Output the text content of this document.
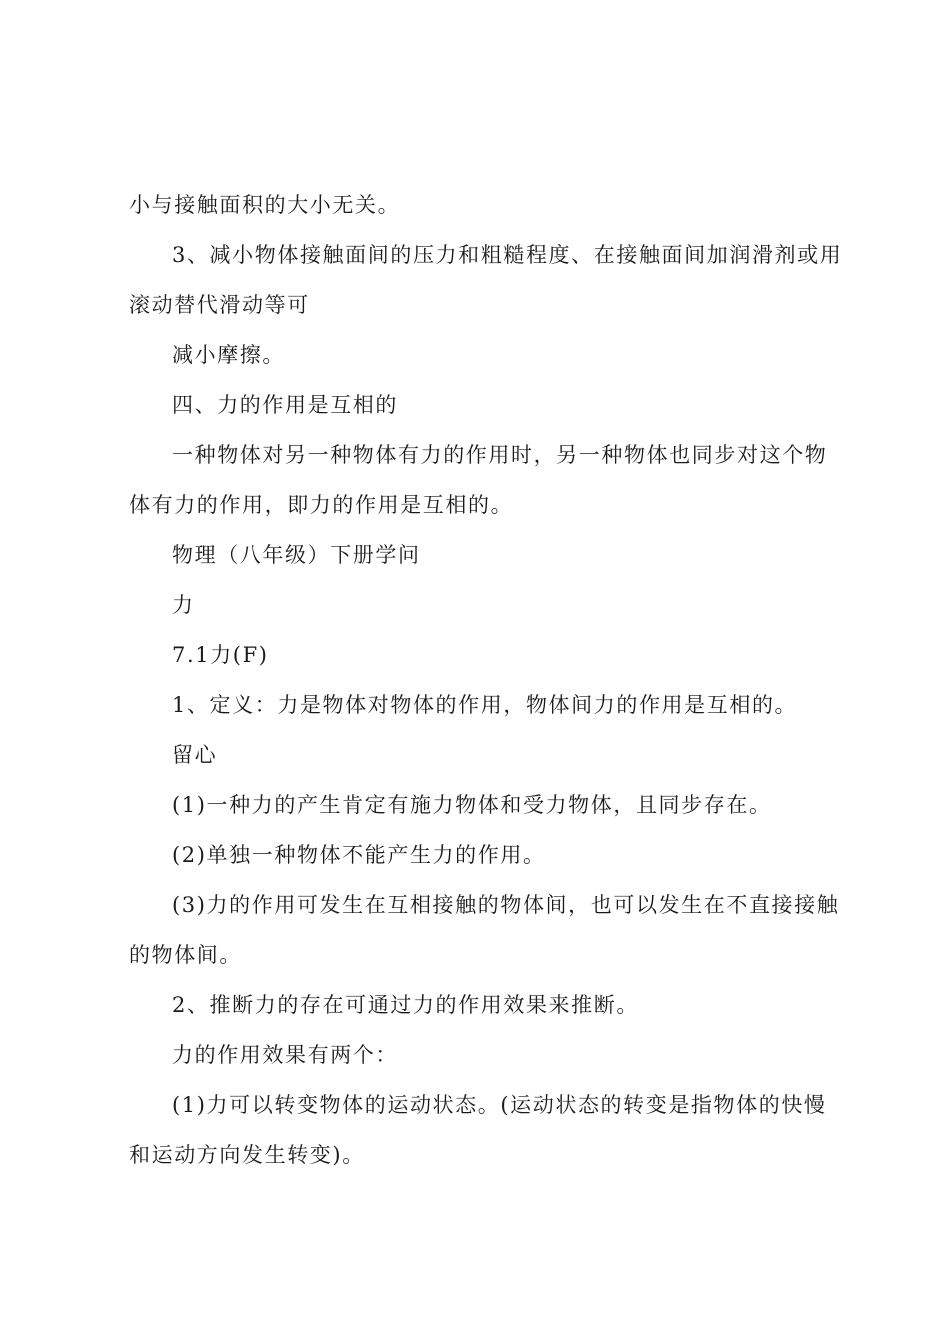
小与接触面积的大小无关。
3、减小物体接触面间的压力和粗糙程度、在接触面间加润滑剂或用
滚动替代滑动等可
减小摩擦。
四、力的作用是互相的
一种物体对另一种物体有力的作用时，另一种物体也同步对这个物
体有力的作用，即力的作用是互相的。
物理（八年级）下册学问
力
7.1力(F)
1、定义：力是物体对物体的作用，物体间力的作用是互相的。
留心
(1)一种力的产生肯定有施力物体和受力物体，且同步存在。
(2)单独一种物体不能产生力的作用。
(3)力的作用可发生在互相接触的物体间，也可以发生在不直接接触
的物体间。
2、推断力的存在可通过力的作用效果来推断。
力的作用效果有两个：
(1)力可以转变物体的运动状态。(运动状态的转变是指物体的快慢
和运动方向发生转变)。
